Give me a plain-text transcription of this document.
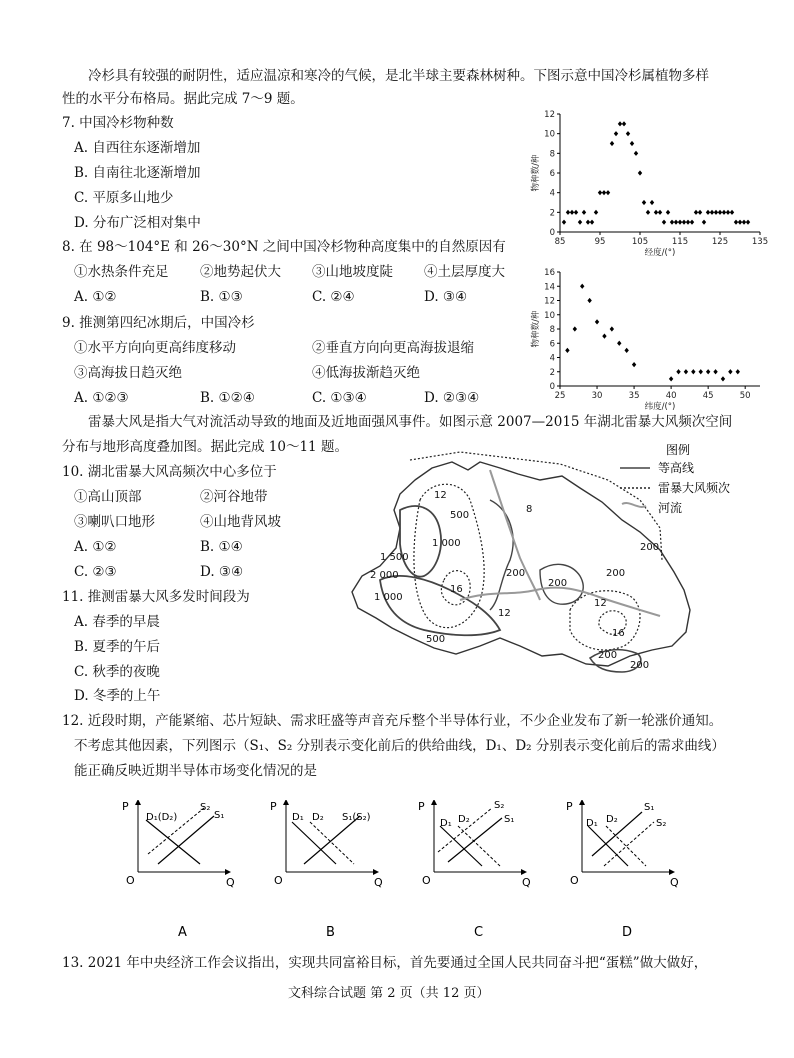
冷杉具有较强的耐阴性，适应温凉和寒冷的气候，是北半球主要森林树种。下图示意中国冷杉属植物多样
性的水平分布格局。据此完成 7～9 题。
7. 中国冷杉物种数
A. 自西往东逐渐增加
B. 自南往北逐渐增加
C. 平原多山地少
D. 分布广泛相对集中
8. 在 98～104°E 和 26～30°N 之间中国冷杉物种高度集中的自然原因有
①水热条件充足 ②地势起伏大 ③山地坡度陡 ④土层厚度大
A. ①②	B. ①③	C. ②④	D. ③④
9. 推测第四纪冰期后，中国冷杉
①水平方向向更高纬度移动	②垂直方向向更高海拔退缩
③高海拔日趋灭绝	④低海拔渐趋灭绝
A. ①②③	B. ①②④	C. ①③④	D. ②③④
雷暴大风是指大气对流活动导致的地面及近地面强风事件。如图示意 2007—2015 年湖北雷暴大风频次空间
分布与地形高度叠加图。据此完成 10～11 题。
10. 湖北雷暴大风高频次中心多位于
①高山顶部	②河谷地带
③喇叭口地形	④山地背风坡
A. ①②	B. ①④
C. ②③	D. ③④
11. 推测雷暴大风多发时间段为
A. 春季的早晨
B. 夏季的午后
C. 秋季的夜晚
D. 冬季的上午
12. 近段时期，产能紧缩、芯片短缺、需求旺盛等声音充斥整个半导体行业，不少企业发布了新一轮涨价通知。
不考虑其他因素，下列图示（S₁、S₂ 分别表示变化前后的供给曲线，D₁、D₂ 分别表示变化前后的需求曲线）
能正确反映近期半导体市场变化情况的是
13. 2021 年中央经济工作会议指出，实现共同富裕目标，首先要通过全国人民共同奋斗把“蛋糕”做大做好，
文科综合试题 第 2 页（共 12 页）
85	95	105	115	125	135
0
2
4
6
8
10
12
经度/(°)
物种数/种
25	30	35	40	45	50
0
2
4
6
8
10
12
14
16
纬度/(°)
物种数/种
12
500
1 000
1 500
2 000
1 000
16
500
200
8
200
200
12
12
16
200
200
200
图例
等高线
雷暴大风频次
河流
P
Q
O
D₁(D₂)
S₂
S₁
A
P
Q
O
D₁ D₂ S₁(S₂)
B
P
Q
O
D₁ D₂
S₂
S₁
C
P
Q
O
D₁ D₂
S₁
S₂
D
